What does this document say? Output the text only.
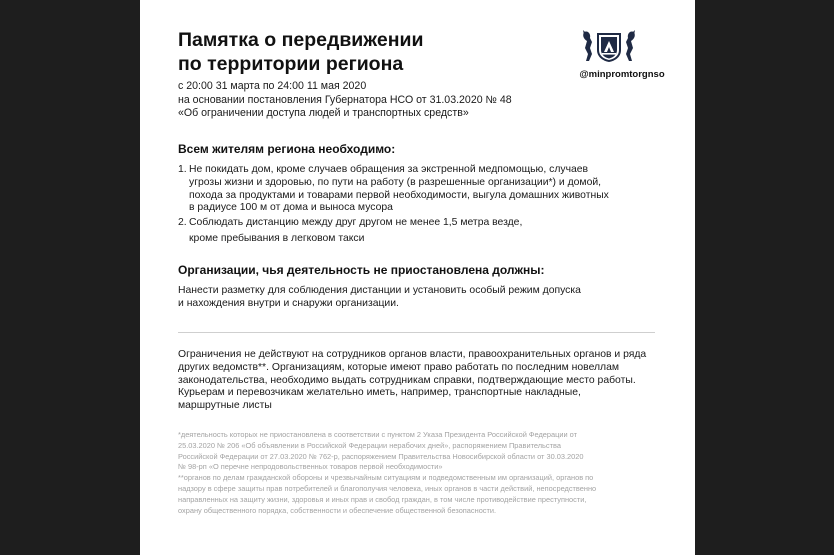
Памятка о передвижении
по территории региона
с 20:00 31 марта по 24:00 11 мая 2020
на основании постановления Губернатора НСО от 31.03.2020 № 48
«Об ограничении доступа людей и транспортных средств»
@minpromtorgnso
Всем жителям региона необходимо:
1. Не покидать дом, кроме случаев обращения за экстренной медпомощью, случаев
угрозы жизни и здоровью, по пути на работу (в разрешенные организации*) и домой,
похода за продуктами и товарами первой необходимости, выгула домашних животных
в радиусе 100 м от дома и выноса мусора
2. Соблюдать дистанцию между друг другом не менее 1,5 метра везде,
кроме пребывания в легковом такси
Организации, чья деятельность не приостановлена должны:
Нанести разметку для соблюдения дистанции и установить особый режим допуска
и нахождения внутри и снаружи организации.
Ограничения не действуют на сотрудников органов власти, правоохранительных органов и ряда
других ведомств**. Организациям, которые имеют право работать по последним новеллам
законодательства, необходимо выдать сотрудникам справки, подтверждающие место работы.
Курьерам и перевозчикам желательно иметь, например, транспортные накладные,
маршрутные листы
*деятельность которых не приостановлена в соответствии с пунктом 2 Указа Президента Российской Федерации от
25.03.2020 № 206 «Об объявлении в Российской Федерации нерабочих дней», распоряжением Правительства
Российской Федерации от 27.03.2020 № 762-р, распоряжением Правительства Новосибирской области от 30.03.2020
№ 98-рп «О перечне непродовольственных товаров первой необходимости»
**органов по делам гражданской обороны и чрезвычайным ситуациям и подведомственным им организаций, органов по
надзору в сфере защиты прав потребителей и благополучия человека, иных органов в части действий, непосредственно
направленных на защиту жизни, здоровья и иных прав и свобод граждан, в том числе противодействие преступности,
охрану общественного порядка, собственности и обеспечение общественной безопасности.
